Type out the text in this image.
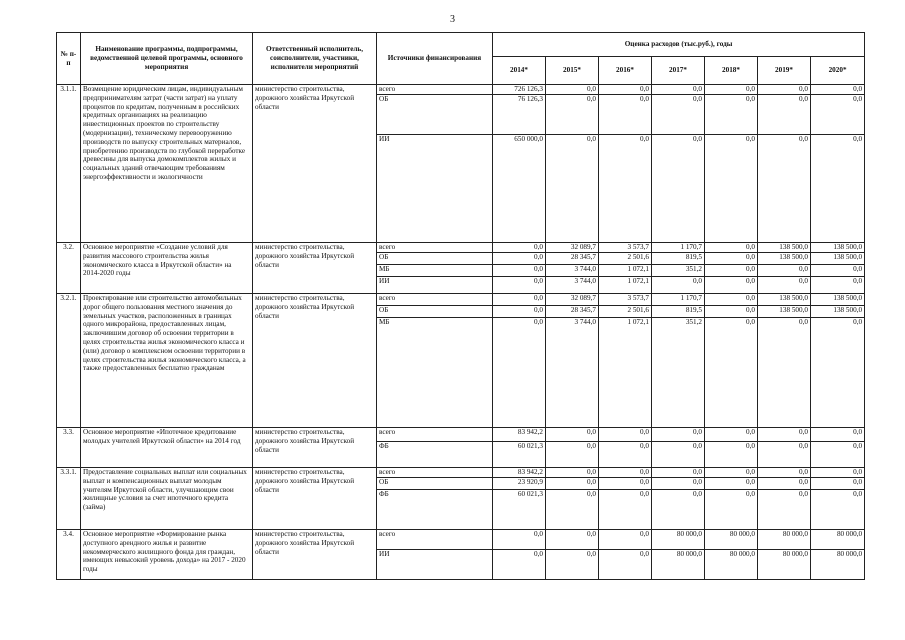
3
№ п-п	Наименование программы, подпрограммы, ведомственной целевой программы, основного мероприятия	Ответственный исполнитель, соисполнители, участники, исполнители мероприятий	Источники финансирования	Оценка расходов (тыс.руб.), годы						
				2014*	2015*	2016*	2017*	2018*	2019*	2020*
3.1.1.	Возмещение юридическим лицам, индивидуальным предпринимателям затрат (части затрат) на уплату процентов по кредитам, полученным в российских кредитных организациях на реализацию инвестиционных проектов по строительству (модернизации), техническому перевооружению производств по выпуску строительных материалов, приобретению производств по глубокой переработке древесины для выпуска домокомплектов жилых и социальных зданий отвечающим требованиям энергоэффективности и экологичности	министерство строительства, дорожного хозяйства Иркутской области	всего	726 126,3	0,0	0,0	0,0	0,0	0,0	0,0
			ОБ	76 126,3	0,0	0,0	0,0	0,0	0,0	0,0
			ИИ	650 000,0	0,0	0,0	0,0	0,0	0,0	0,0
3.2.	Основное мероприятие «Создание условий для развития массового строительства жилья экономического класса в Иркутской области» на 2014-2020 годы	министерство строительства, дорожного хозяйства Иркутской области	всего	0,0	32 089,7	3 573,7	1 170,7	0,0	138 500,0	138 500,0
			ОБ	0,0	28 345,7	2 501,6	819,5	0,0	138 500,0	138 500,0
			МБ	0,0	3 744,0	1 072,1	351,2	0,0	0,0	0,0
			ИИ	0,0	3 744,0	1 072,1	0,0	0,0	0,0	0,0
3.2.1.	Проектирование или строительство автомобильных дорог общего пользования местного значения до земельных участков, расположенных в границах одного микрорайона, предоставленных лицам, заключившим договор об освоении территории в целях строительства жилья экономического класса и (или) договор о комплексном освоении территории в целях строительства жилья экономического класса, а также предоставленных бесплатно гражданам	министерство строительства, дорожного хозяйства Иркутской области	всего	0,0	32 089,7	3 573,7	1 170,7	0,0	138 500,0	138 500,0
			ОБ	0,0	28 345,7	2 501,6	819,5	0,0	138 500,0	138 500,0
			МБ	0,0	3 744,0	1 072,1	351,2	0,0	0,0	0,0
3.3.	Основное мероприятие «Ипотечное кредитование молодых учителей Иркутской области» на 2014 год	министерство строительства, дорожного хозяйства Иркутской области	всего	83 942,2	0,0	0,0	0,0	0,0	0,0	0,0
			ФБ	60 021,3	0,0	0,0	0,0	0,0	0,0	0,0
3.3.1.	Предоставление социальных выплат или социальных выплат и компенсационных выплат молодым учителям Иркутской области, улучшающим свои жилищные условия за счет ипотечного кредита (займа)	министерство строительства, дорожного хозяйства Иркутской области	всего	83 942,2	0,0	0,0	0,0	0,0	0,0	0,0
			ОБ	23 920,9	0,0	0,0	0,0	0,0	0,0	0,0
			ФБ	60 021,3	0,0	0,0	0,0	0,0	0,0	0,0
3.4.	Основное мероприятие «Формирование рынка доступного арендного жилья и развитие некоммерческого жилищного фонда для граждан, имеющих невысокий уровень дохода» на 2017 - 2020 годы	министерство строительства, дорожного хозяйства Иркутской области	всего	0,0	0,0	0,0	80 000,0	80 000,0	80 000,0	80 000,0
			ИИ	0,0	0,0	0,0	80 000,0	80 000,0	80 000,0	80 000,0
